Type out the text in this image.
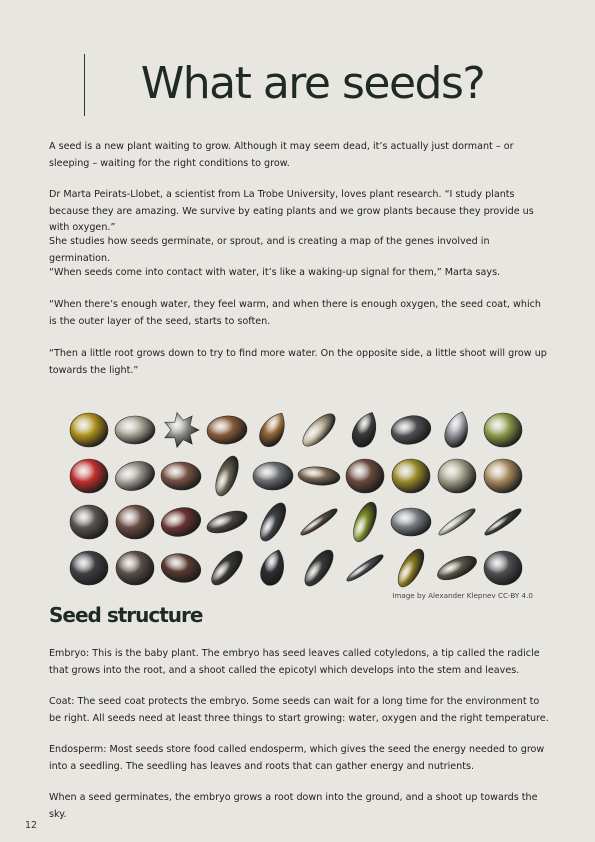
What are seeds?

A seed is a new plant waiting to grow. Although it may seem dead, it’s actually just dormant – or sleeping – waiting for the right conditions to grow.

Dr Marta Peirats-Llobet, a scientist from La Trobe University, loves plant research. “I study plants because they are amazing. We survive by eating plants and we grow plants because they provide us with oxygen.”

She studies how seeds germinate, or sprout, and is creating a map of the genes involved in germination.

“When seeds come into contact with water, it’s like a waking-up signal for them,” Marta says.

“When there’s enough water, they feel warm, and when there is enough oxygen, the seed coat, which is the outer layer of the seed, starts to soften.

“Then a little root grows down to try to find more water. On the opposite side, a little shoot will grow up towards the light.”

Image by Alexander Klepnev CC-BY 4.0
Seed structure

Embryo: This is the baby plant. The embryo has seed leaves called cotyledons, a tip called the radicle that grows into the root, and a shoot called the epicotyl which develops into the stem and leaves.

Coat: The seed coat protects the embryo. Some seeds can wait for a long time for the environment to be right. All seeds need at least three things to start growing: water, oxygen and the right temperature.

Endosperm: Most seeds store food called endosperm, which gives the seed the energy needed to grow into a seedling. The seedling has leaves and roots that can gather energy and nutrients.

When a seed germinates, the embryo grows a root down into the ground, and a shoot up towards the sky.

12
